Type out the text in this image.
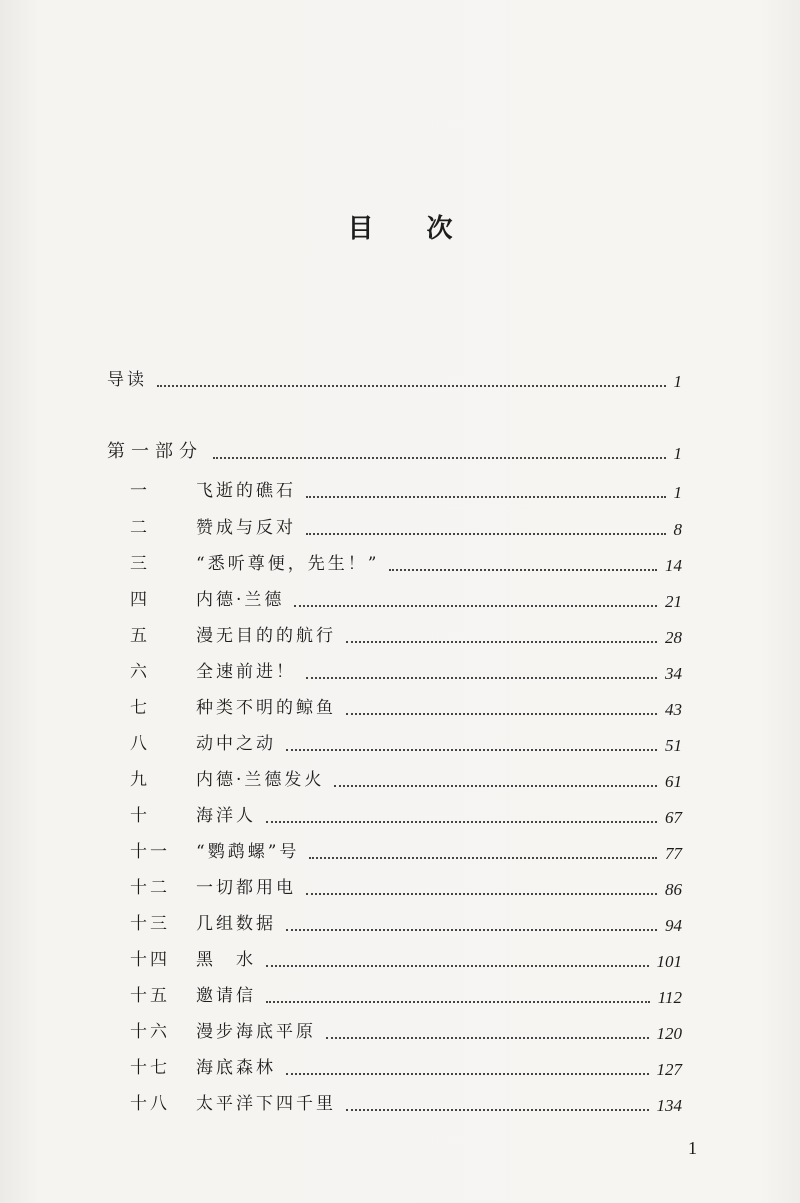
目 次
导读	1
第一部分	1
一	飞逝的礁石	1
二	赞成与反对	8
三	“悉听尊便，先生！”	14
四	内德·兰德	21
五	漫无目的的航行	28
六	全速前进！	34
七	种类不明的鲸鱼	43
八	动中之动	51
九	内德·兰德发火	61
十	海洋人	67
十一 “鹦鹉螺”号	77
十二 一切都用电	86
十三 几组数据	94
十四 黑　水	101
十五 邀请信	112
十六 漫步海底平原	120
十七 海底森林	127
十八 太平洋下四千里	134
1
